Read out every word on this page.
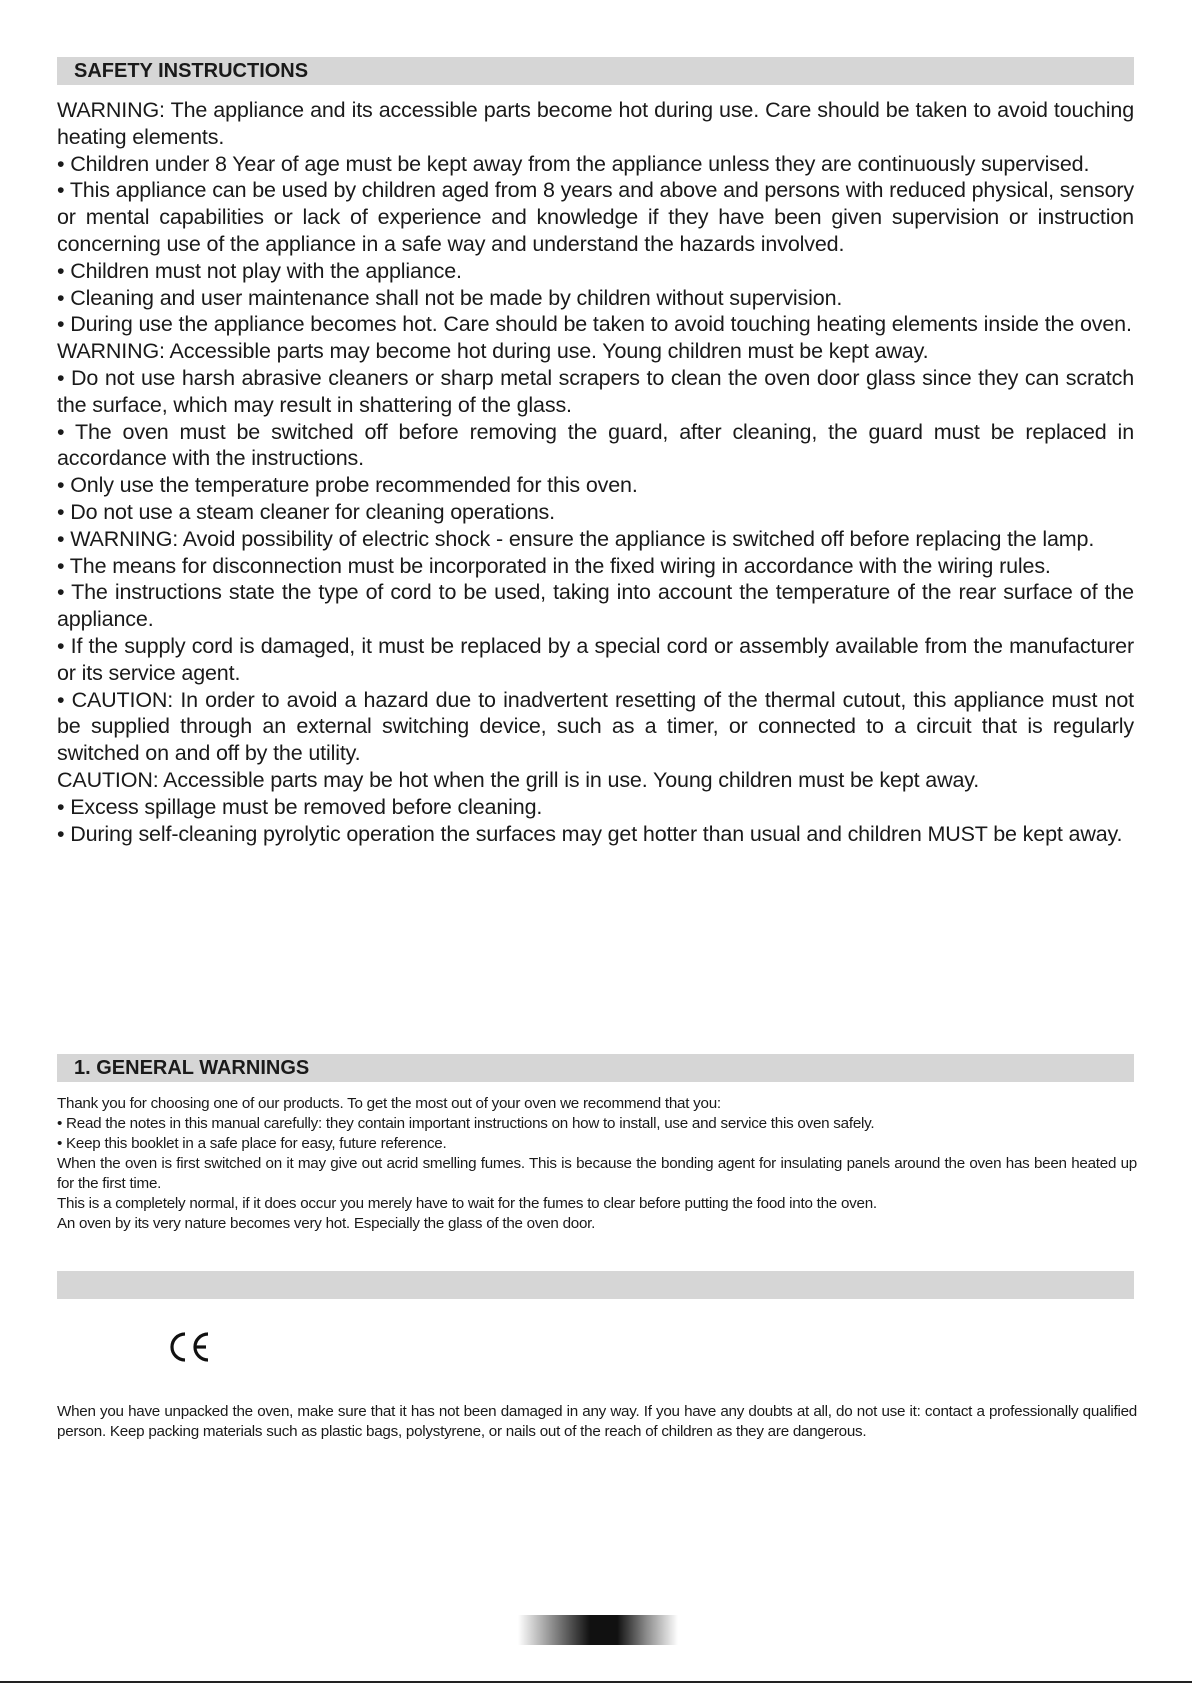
SAFETY INSTRUCTIONS

WARNING: The appliance and its accessible parts become hot during use. Care should be taken to avoid touching heating elements.

• Children under 8 Year of age must be kept away from the appliance unless they are continuously supervised.

• This appliance can be used by children aged from 8 years and above and persons with reduced physical, sensory or mental capabilities or lack of experience and knowledge if they have been given supervision or instruction concerning use of the appliance in a safe way and understand the hazards involved.

• Children must not play with the appliance.

• Cleaning and user maintenance shall not be made by children without supervision.

• During use the appliance becomes hot. Care should be taken to avoid touching heating elements inside the oven.

WARNING: Accessible parts may become hot during use. Young children must be kept away.

• Do not use harsh abrasive cleaners or sharp metal scrapers to clean the oven door glass since they can scratch the surface, which may result in shattering of the glass.

• The oven must be switched off before removing the guard, after cleaning, the guard must be replaced in accordance with the instructions.

• Only use the temperature probe recommended for this oven.

• Do not use a steam cleaner for cleaning operations.

• WARNING: Avoid possibility of electric shock - ensure the appliance is switched off before replacing the lamp.

• The means for disconnection must be incorporated in the fixed wiring in accordance with the wiring rules.

• The instructions state the type of cord to be used, taking into account the temperature of the rear surface of the appliance.

• If the supply cord is damaged, it must be replaced by a special cord or assembly available from the manufacturer or its service agent.

• CAUTION: In order to avoid a hazard due to inadvertent resetting of the thermal cutout, this appliance must not be supplied through an external switching device, such as a timer, or connected to a circuit that is regularly switched on and off by the utility.

CAUTION: Accessible parts may be hot when the grill is in use. Young children must be kept away.

• Excess spillage must be removed before cleaning.

• During self-cleaning pyrolytic operation the surfaces may get hotter than usual and children MUST be kept away.

1. GENERAL WARNINGS

Thank you for choosing one of our products. To get the most out of your oven we recommend that you:

• Read the notes in this manual carefully: they contain important instructions on how to install, use and service this oven safely.

• Keep this booklet in a safe place for easy, future reference.

When the oven is first switched on it may give out acrid smelling fumes. This is because the bonding agent for insulating panels around the oven has been heated up for the first time.

This is a completely normal, if it does occur you merely have to wait for the fumes to clear before putting the food into the oven.

An oven by its very nature becomes very hot. Especially the glass of the oven door.

When you have unpacked the oven, make sure that it has not been damaged in any way. If you have any doubts at all, do not use it: contact a professionally qualified person. Keep packing materials such as plastic bags, polystyrene, or nails out of the reach of children as they are dangerous.
